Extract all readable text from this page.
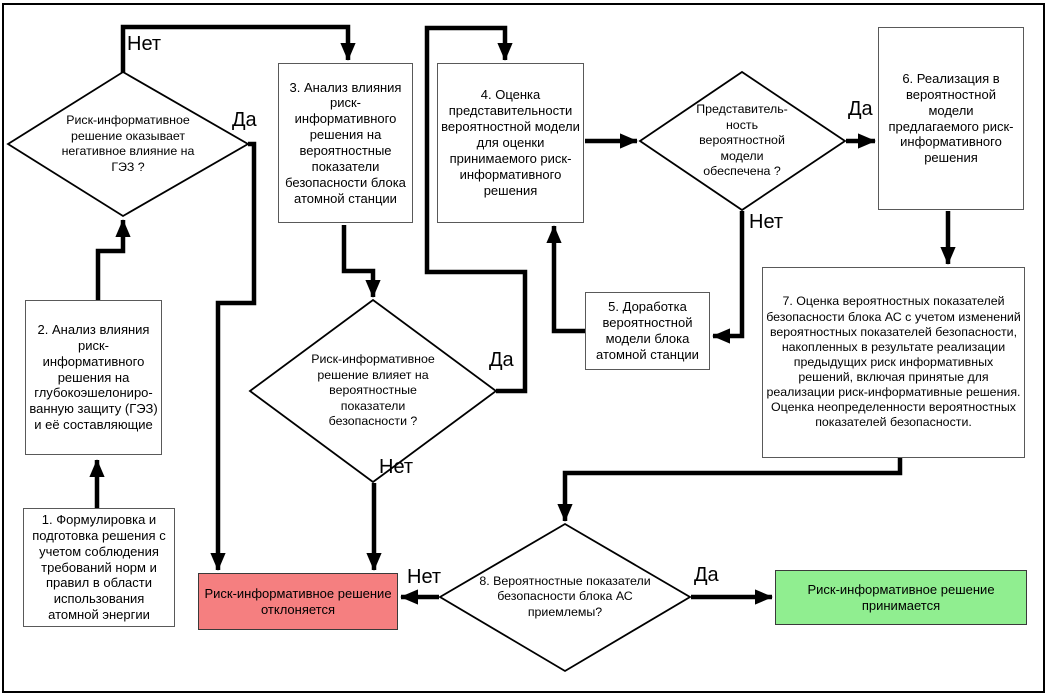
1. Формулировка и подготовка решения с учетом соблюдения требований норм и правил в области использования атомной энергии
2. Анализ влияния риск-информативного решения на глубокоэшелониро-ванную защиту (ГЭЗ) и её составляющие
3. Анализ влияния риск-информативного решения на вероятностные показатели безопасности блока атомной станции
4. Оценка представительности вероятностной модели для оценки принимаемого риск-информативного решения
5. Доработка вероятностной модели блока атомной станции
6. Реализация в вероятностной модели предлагаемого риск-информативного решения
7. Оценка вероятностных показателей безопасности блока АС с учетом изменений вероятностных показателей безопасности, накопленных в результате реализации предыдущих риск информативных решений, включая принятые для реализации риск-информативные решения. Оценка неопределенности вероятностных показателей безопасности.
Риск-информативное решение отклоняется
Риск-информативное решение принимается
Риск-информативное решение оказывает негативное влияние на ГЭЗ ?
Риск-информативное решение влияет на вероятностные показатели безопасности ?
Представитель-ность вероятностной модели обеспечена ?
8. Вероятностные показатели безопасности блока АС приемлемы?
Нет
Да
Да
Нет
Да
Нет
Нет	Да
